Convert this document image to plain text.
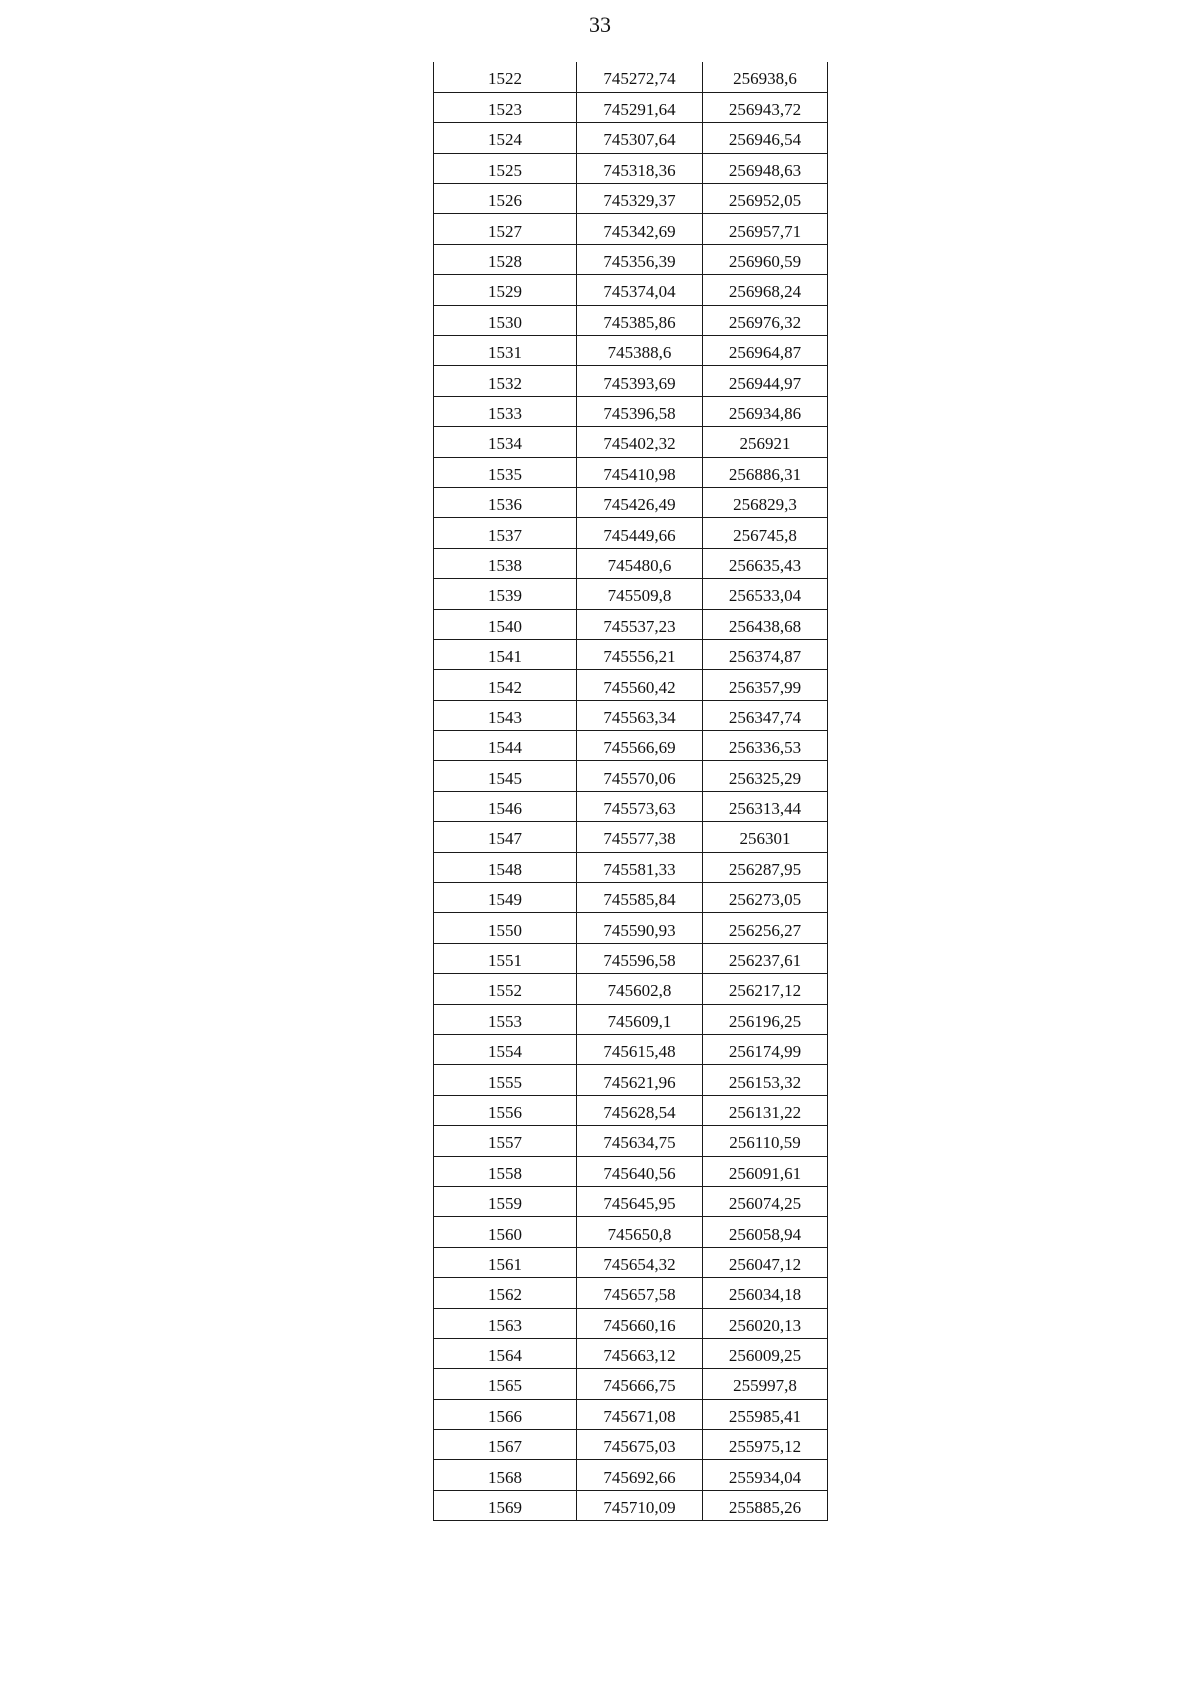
33
1522	745272,74	256938,6
1523	745291,64	256943,72
1524	745307,64	256946,54
1525	745318,36	256948,63
1526	745329,37	256952,05
1527	745342,69	256957,71
1528	745356,39	256960,59
1529	745374,04	256968,24
1530	745385,86	256976,32
1531	745388,6	256964,87
1532	745393,69	256944,97
1533	745396,58	256934,86
1534	745402,32	256921
1535	745410,98	256886,31
1536	745426,49	256829,3
1537	745449,66	256745,8
1538	745480,6	256635,43
1539	745509,8	256533,04
1540	745537,23	256438,68
1541	745556,21	256374,87
1542	745560,42	256357,99
1543	745563,34	256347,74
1544	745566,69	256336,53
1545	745570,06	256325,29
1546	745573,63	256313,44
1547	745577,38	256301
1548	745581,33	256287,95
1549	745585,84	256273,05
1550	745590,93	256256,27
1551	745596,58	256237,61
1552	745602,8	256217,12
1553	745609,1	256196,25
1554	745615,48	256174,99
1555	745621,96	256153,32
1556	745628,54	256131,22
1557	745634,75	256110,59
1558	745640,56	256091,61
1559	745645,95	256074,25
1560	745650,8	256058,94
1561	745654,32	256047,12
1562	745657,58	256034,18
1563	745660,16	256020,13
1564	745663,12	256009,25
1565	745666,75	255997,8
1566	745671,08	255985,41
1567	745675,03	255975,12
1568	745692,66	255934,04
1569	745710,09	255885,26
